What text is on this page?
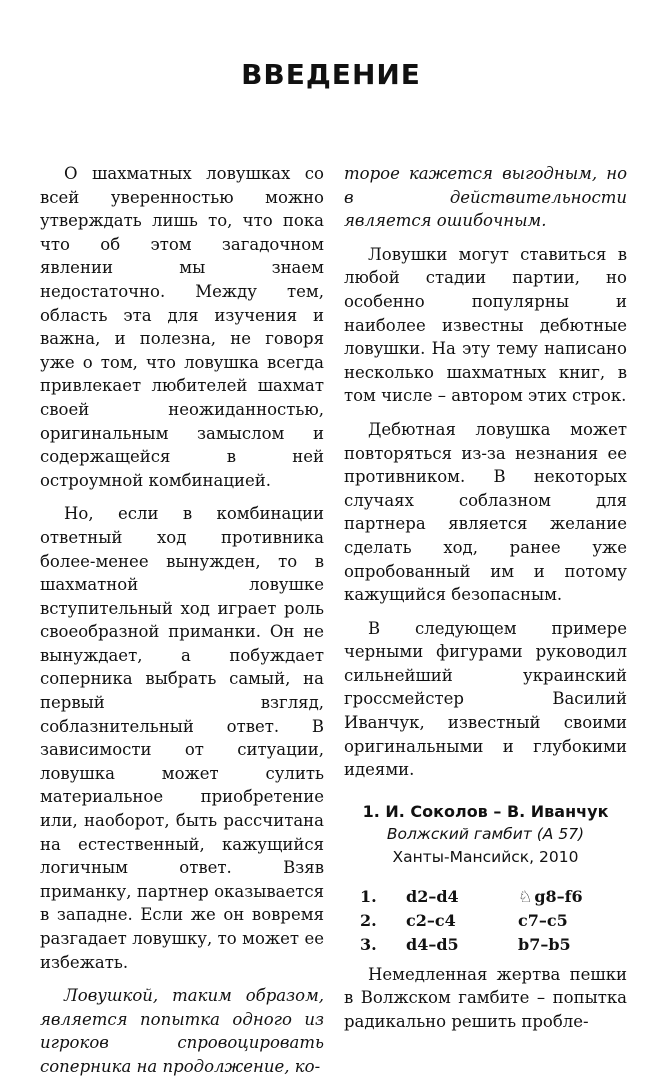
ВВЕДЕНИЕ

О шахматных ловушках со всей уверенностью можно утверждать лишь то, что пока что об этом загадочном явлении мы знаем недостаточно. Между тем, область эта для изучения и важна, и полезна, не говоря уже о том, что ловушка всегда привлекает любителей шахмат своей неожиданностью, оригинальным замыслом и содержащейся в ней остроумной комбинацией.

Но, если в комбинации ответный ход противника более-менее вынужден, то в шахматной ловушке вступительный ход играет роль своеобразной приманки. Он не вынуждает, а побуждает соперника выбрать самый, на первый взгляд, соблазнительный ответ. В зависимости от ситуации, ловушка может сулить материальное приобретение или, наоборот, быть рассчитана на естественный, кажущийся логичным ответ. Взяв приманку, партнер оказывается в западне. Если же он вовремя разгадает ловушку, то может ее избежать.

Ловушкой, таким образом, является попытка одного из игроков спровоцировать соперника на продолжение, ко-

торое кажется выгодным, но в действительности является ошибочным.

Ловушки могут ставиться в любой стадии партии, но особенно популярны и наиболее известны дебютные ловушки. На эту тему написано несколько шахматных книг, в том числе – автором этих строк.

Дебютная ловушка может повторяться из-за незнания ее противником. В некоторых случаях соблазном для партнера является желание сделать ход, ранее уже опробованный им и потому кажущийся безопасным.

В следующем примере черными фигурами руководил сильнейший украинский гроссмейстер Василий Иванчук, известный своими оригинальными и глубокими идеями.

1. И. Соколов – В. Иванчук
Волжский гамбит (А 57)
Ханты-Мансийск, 2010
1.	d2–d4	♘ g8–f6
2.	c2–c4	c7–c5
3.	d4–d5	b7–b5

Немедленная жертва пешки в Волжском гамбите – попытка радикально решить пробле-
